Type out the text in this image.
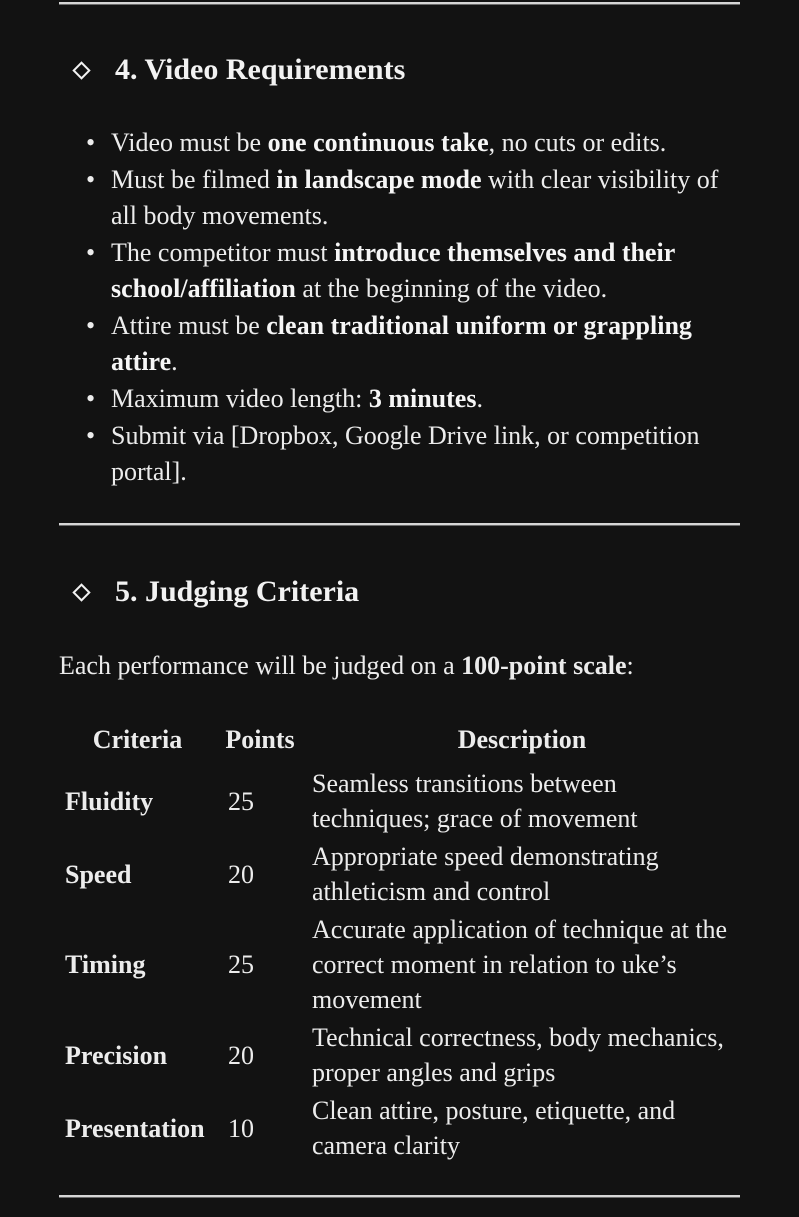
4. Video Requirements
• Video must be one continuous take, no cuts or edits.
• Must be filmed in landscape mode with clear visibility of all body movements.
• The competitor must introduce themselves and their school/affiliation at the beginning of the video.
• Attire must be clean traditional uniform or grappling attire.
• Maximum video length: 3 minutes.
• Submit via [Dropbox, Google Drive link, or competition portal].
5. Judging Criteria

Each performance will be judged on a 100-point scale:

Criteria	Points	Description
Fluidity	25	Seamless transitions between techniques; grace of movement

Speed	20	Appropriate speed demonstrating athleticism and control

Timing	25	Accurate application of technique at the correct moment in relation to uke’s movement

Precision	20	Technical correctness, body mechanics, proper angles and grips

Presentation	10	Clean attire, posture, etiquette, and camera clarity
